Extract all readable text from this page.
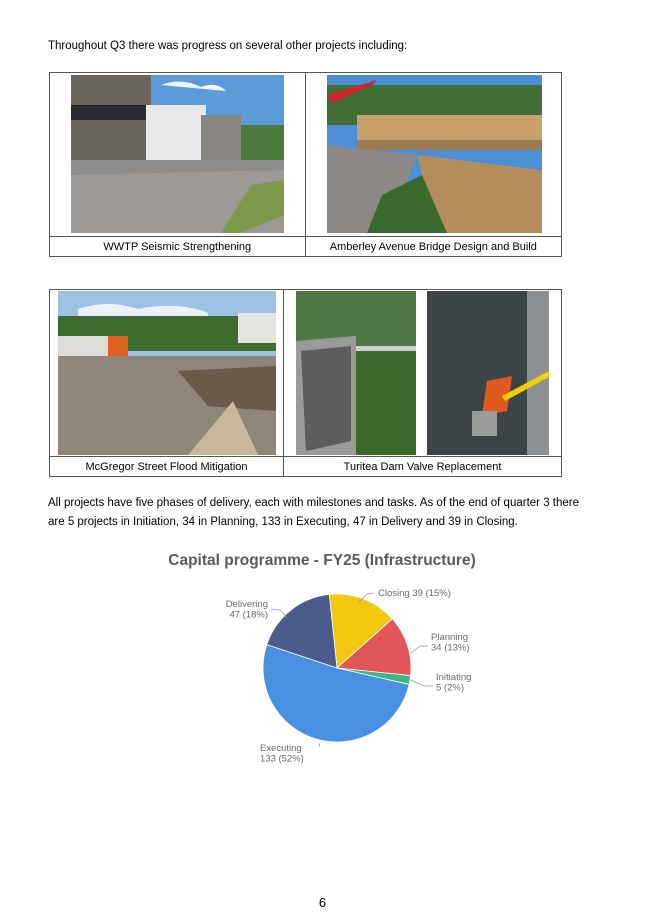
Throughout Q3 there was progress on several other projects including:

WWTP Seismic Strengthening	Amberley Avenue Bridge Design and Build

McGregor Street Flood Mitigation	Turitea Dam Valve Replacement
All projects have five phases of delivery, each with milestones and tasks. As of the end of quarter 3 there are 5 projects in Initiation, 34 in Planning, 133 in Executing, 47 in Delivery and 39 in Closing.
Capital programme - FY25 (Infrastructure)
Closing 39 (15%)
Planning
34 (13%)
Initiating
5 (2%)
Executing
133 (52%)
Delivering
47 (18%)
6
